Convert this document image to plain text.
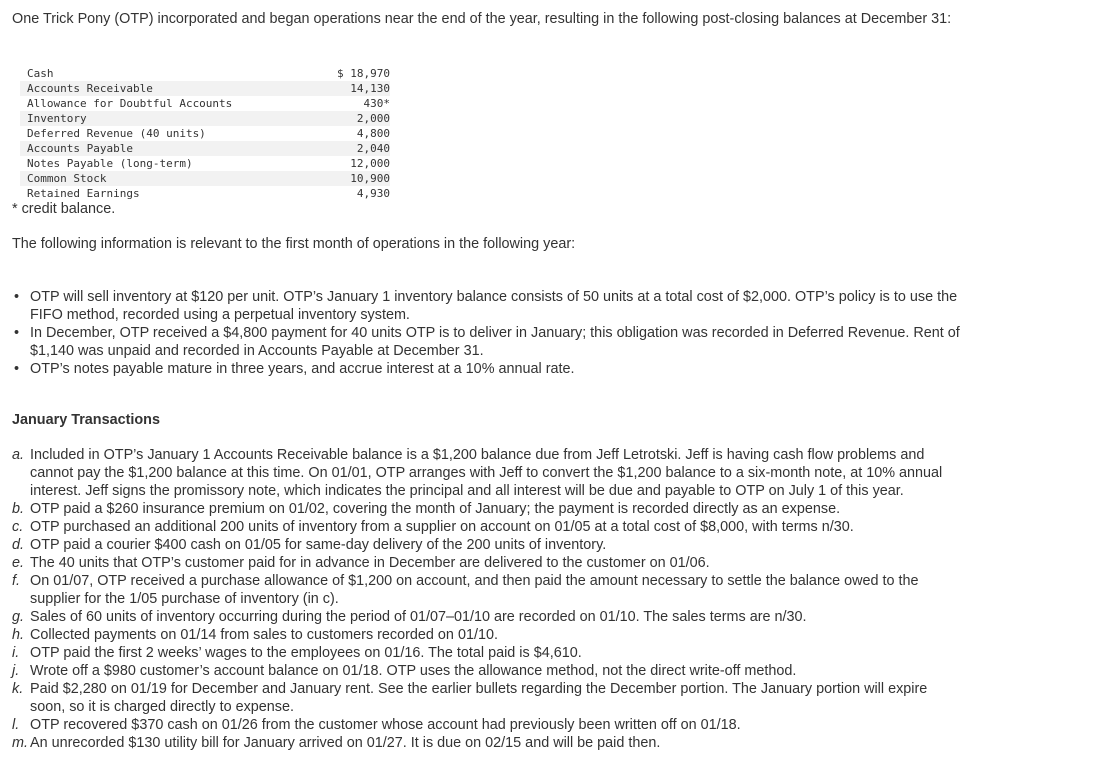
One Trick Pony (OTP) incorporated and began operations near the end of the year, resulting in the following post-closing balances at December 31:
Cash	$ 18,970
Accounts Receivable	14,130
Allowance for Doubtful Accounts	430*
Inventory	2,000
Deferred Revenue (40 units)	4,800
Accounts Payable	2,040
Notes Payable (long-term)	12,000
Common Stock	10,900
Retained Earnings	4,930
* credit balance.
The following information is relevant to the first month of operations in the following year:
• OTP will sell inventory at $120 per unit. OTP’s January 1 inventory balance consists of 50 units at a total cost of $2,000. OTP’s policy is to use the FIFO method, recorded using a perpetual inventory system.
• In December, OTP received a $4,800 payment for 40 units OTP is to deliver in January; this obligation was recorded in Deferred Revenue. Rent of $1,140 was unpaid and recorded in Accounts Payable at December 31.
• OTP’s notes payable mature in three years, and accrue interest at a 10% annual rate.
January Transactions
a. Included in OTP’s January 1 Accounts Receivable balance is a $1,200 balance due from Jeff Letrotski. Jeff is having cash flow problems and cannot pay the $1,200 balance at this time. On 01/01, OTP arranges with Jeff to convert the $1,200 balance to a six-month note, at 10% annual interest. Jeff signs the promissory note, which indicates the principal and all interest will be due and payable to OTP on July 1 of this year.
b. OTP paid a $260 insurance premium on 01/02, covering the month of January; the payment is recorded directly as an expense.
c. OTP purchased an additional 200 units of inventory from a supplier on account on 01/05 at a total cost of $8,000, with terms n/30.
d. OTP paid a courier $400 cash on 01/05 for same-day delivery of the 200 units of inventory.
e. The 40 units that OTP’s customer paid for in advance in December are delivered to the customer on 01/06.
f. On 01/07, OTP received a purchase allowance of $1,200 on account, and then paid the amount necessary to settle the balance owed to the supplier for the 1/05 purchase of inventory (in c).
g. Sales of 60 units of inventory occurring during the period of 01/07–01/10 are recorded on 01/10. The sales terms are n/30.
h. Collected payments on 01/14 from sales to customers recorded on 01/10.
i. OTP paid the first 2 weeks’ wages to the employees on 01/16. The total paid is $4,610.
j. Wrote off a $980 customer’s account balance on 01/18. OTP uses the allowance method, not the direct write-off method.
k. Paid $2,280 on 01/19 for December and January rent. See the earlier bullets regarding the December portion. The January portion will expire soon, so it is charged directly to expense.
l. OTP recovered $370 cash on 01/26 from the customer whose account had previously been written off on 01/18.
m. An unrecorded $130 utility bill for January arrived on 01/27. It is due on 02/15 and will be paid then.
